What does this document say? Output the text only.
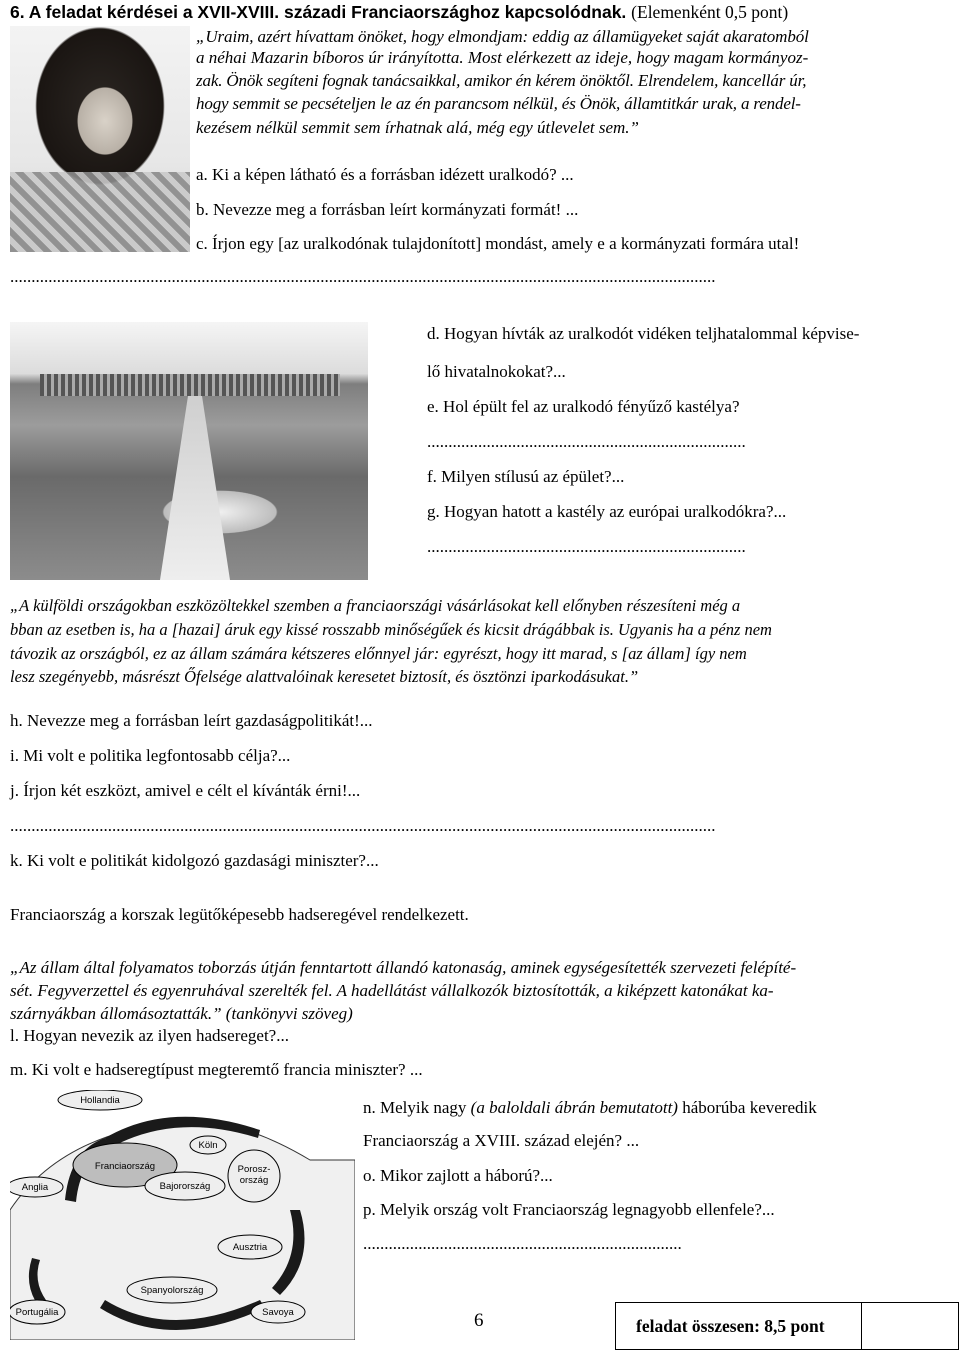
6. A feladat kérdései a XVII-XVIII. századi Franciaországhoz kapcsolódnak. (Elemenként 0,5 pont)
„Uraim, azért hívattam önöket, hogy elmondjam: eddig az államügyeket saját akaratomból
a néhai Mazarin bíboros úr irányította. Most elérkezett az ideje, hogy magam kormányoz-
zak. Önök segíteni fognak tanácsaikkal, amikor én kérem önöktől. Elrendelem, kancellár úr,
hogy semmit se pecsételjen le az én parancsom nélkül, és Önök, államtitkár urak, a rendel-
kezésem nélkül semmit sem írhatnak alá, még egy útlevelet sem.”
a. Ki a képen látható és a forrásban idézett uralkodó? ...
b. Nevezze meg a forrásban leírt kormányzati formát! ...
c. Írjon egy [az uralkodónak tulajdonított] mondást, amely e a kormányzati formára utal!
......................................................................................................................................................................
d. Hogyan hívták az uralkodót vidéken teljhatalommal képvise-
lő hivatalnokokat?...
e. Hol épült fel az uralkodó fényűző kastélya?
...........................................................................
f. Milyen stílusú az épület?...
g. Hogyan hatott a kastély az európai uralkodókra?...
...........................................................................
„A külföldi országokban eszközöltekkel szemben a franciaországi vásárlásokat kell előnyben részesíteni még a
bban az esetben is, ha a [hazai] áruk egy kissé rosszabb minőségűek és kicsit drágábbak is. Ugyanis ha a pénz nem
távozik az országból, ez az állam számára kétszeres előnnyel jár: egyrészt, hogy itt marad, s [az állam] így nem
lesz szegényebb, másrészt Őfelsége alattvalóinak keresetet biztosít, és ösztönzi iparkodásukat.”
h. Nevezze meg a forrásban leírt gazdaságpolitikát!...
i. Mi volt e politika legfontosabb célja?...
j. Írjon két eszközt, amivel e célt el kívánták érni!...
......................................................................................................................................................................
k. Ki volt e politikát kidolgozó gazdasági miniszter?...
Franciaország a korszak legütőképesebb hadseregével rendelkezett.
„Az állam által folyamatos toborzás útján fenntartott állandó katonaság, aminek egységesítették szervezeti felépíté-
sét. Fegyverzettel és egyenruhával szerelték fel. A hadellátást vállalkozók biztosították, a kiképzett katonákat ka-
szárnyákban állomásoztatták.” (tankönyvi szöveg)
l. Hogyan nevezik az ilyen hadsereget?...
m. Ki volt e hadseregtípust megteremtő francia miniszter? ...
Hollandia
Anglia
Köln
Franciaország	Porosz-
ország
Bajorország
Ausztria
Portugália
Spanyolország
Savoya
n. Melyik nagy (a baloldali ábrán bemutatott) háborúba keveredik
Franciaország a XVIII. század elején? ...
o. Mikor zajlott a háború?...
p. Melyik ország volt Franciaország legnagyobb ellenfele?...
...........................................................................
6	feladat összesen: 8,5 pont
